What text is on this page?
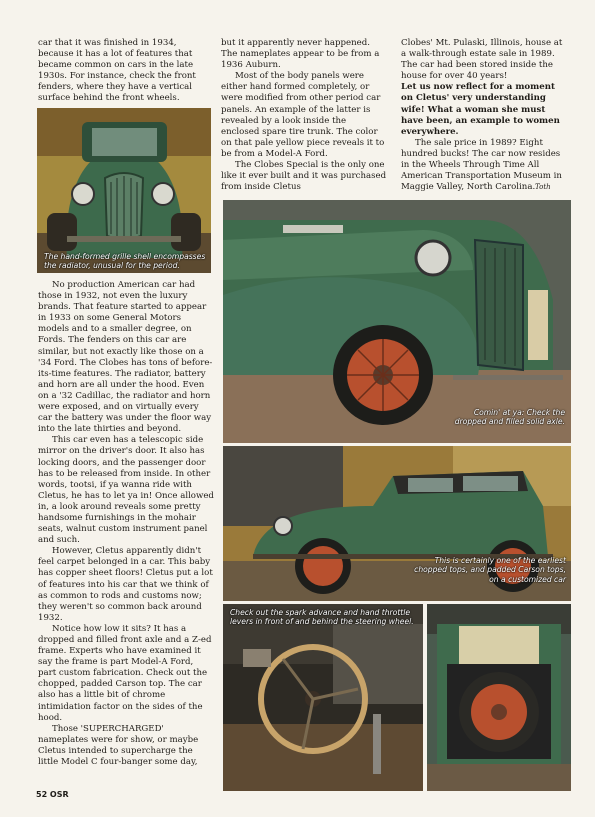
car that it was finished in 1934, because it has a lot of features that became common on cars in the late 1930s. For instance, check the front fenders, where they have a vertical surface behind the front wheels.

The hand-formed grille shell encompasses the radiator, unusual for the period.

No production American car had those in 1932, not even the luxury brands. That feature started to appear in 1933 on some General Motors models and to a smaller degree, on Fords. The fenders on this car are similar, but not exactly like those on a '34 Ford. The Clobes has tons of before-its-time features. The radiator, battery and horn are all under the hood. Even on a '32 Cadillac, the radiator and horn were exposed, and on virtually every car the battery was under the floor way into the late thirties and beyond.

This car even has a telescopic side mirror on the driver's door. It also has locking doors, and the passenger door has to be released from inside. In other words, tootsi, if ya wanna ride with Cletus, he has to let ya in! Once allowed in, a look around reveals some pretty handsome furnishings in the mohair seats, walnut custom instrument panel and such.

However, Cletus apparently didn't feel carpet belonged in a car. This baby has copper sheet floors! Cletus put a lot of features into his car that we think of as common to rods and customs now; they weren't so common back around 1932.

Notice how low it sits? It has a dropped and filled front axle and a Z-ed frame. Experts who have examined it say the frame is part Model-A Ford, part custom fabrication. Check out the chopped, padded Carson top. The car also has a little bit of chrome intimidation factor on the sides of the hood.

Those 'SUPERCHARGED' nameplates were for show, or maybe Cletus intended to supercharge the little Model C four-banger some day,

but it apparently never happened. The nameplates appear to be from a 1936 Auburn.

Most of the body panels were either hand formed completely, or were modified from other period car panels. An example of the latter is revealed by a look inside the enclosed spare tire trunk. The color on that pale yellow piece reveals it to be from a Model-A Ford.

The Clobes Special is the only one like it ever built and it was purchased from inside Cletus

Clobes' Mt. Pulaski, Illinois, house at a walk-through estate sale in 1989. The car had been stored inside the house for over 40 years!

Let us now reflect for a moment on Cletus' very understanding wife! What a woman she must have been, an example to women everywhere.

The sale price in 1989? Eight hundred bucks! The car now resides in the Wheels Through Time All American Transportation Museum in Maggie Valley, North Carolina. Toth
Comin' at ya: Check the dropped and filled solid axle.
This is certainly one of the earliest chopped tops, and padded Carson tops, on a customized car
Check out the spark advance and hand throttle levers in front of and behind the steering wheel.
52 OSR
